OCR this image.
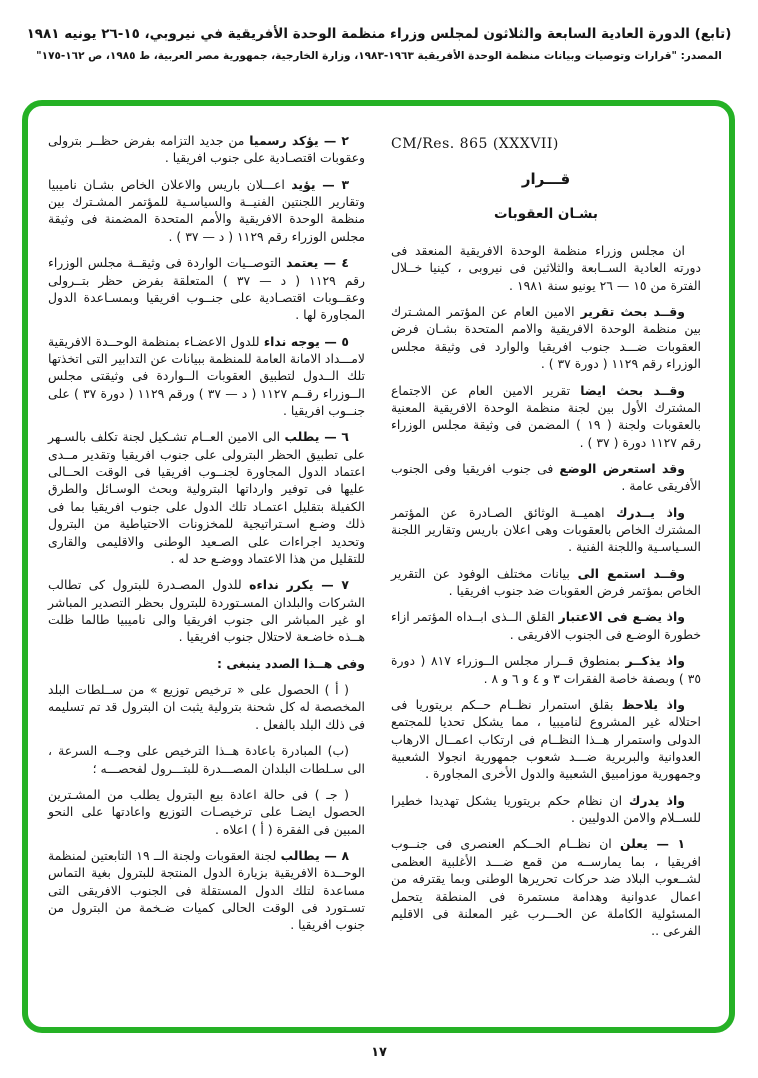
(تابع) الدورة العادية السابعة والثلاثون لمجلس وزراء منظمة الوحدة الأفريقية في نيروبي، ١٥-٢٦ يونيه ١٩٨١
المصدر: "قرارات وتوصيات وبيانات منظمة الوحدة الأفريقية ١٩٦٣-١٩٨٣، وزارة الخارجية، جمهورية مصر العربية، ط ١٩٨٥، ص ١٦٢-١٧٥"
CM/Res. 865 (XXXVII)
قـــرار
بشـان العقوبات

ان مجلس وزراء منظمة الوحدة الافريقية المنعقد فى دورته العادية الســابعة والثلاثين فى نيروبى ، كينيا خــلال الفترة من ١٥ — ٢٦ يونيو سنة ١٩٨١ .

وقــد بحث تقرير الامين العام عن المؤتمر المشـترك بين منظمة الوحدة الافريقية والامم المتحدة بشـان فرض العقوبات ضـــد جنوب افريقيا والوارد فى وثيقة مجلس الوزراء رقم ١١٢٩ ( دورة ٣٧ ) .

وقــد بحث ايضا تقرير الامين العام عن الاجتماع المشترك الأول بين لجنة منظمة الوحدة الافريقية المعنية بالعقوبات ولجنة ( ١٩ ) المضمن فى وثيقة مجلس الوزراء رقم ١١٢٧ دورة ( ٣٧ ) .

وقد استعرض الوضع فى جنوب افريقيا وفى الجنوب الأفريقى عامة .

واذ يــدرك اهميــة الوثائق الصـادرة عن المؤتمر المشترك الخاص بالعقوبات وهى اعلان باريس وتقارير اللجنة السـياسـية واللجنة الفنية .

وقــد استمع الى بيانات مختلف الوفود عن التقرير الخاص بمؤتمر فرض العقوبات ضد جنوب افريقيا .

واذ يضـع فى الاعتبار القلق الــذى ابــداه المؤتمر ازاء خطورة الوضـع فى الجنوب الافريقى .

واذ يذكــر بمنطوق قــرار مجلس الــوزراء ٨١٧ ( دورة ٣٥ ) وبصفة خاصة الفقرات ٣ و ٤ و ٦ و ٨ .

واذ يلاحظ بقلق استمرار نظــام حــكم بريتوريا فى احتلاله غير المشروع لناميبيا ، مما يشكل تحديا للمجتمع الدولى واستمرار هــذا النظــام فى ارتكاب اعمــال الارهاب العدوانية والبربرية ضـــد شعوب جمهورية انجولا الشعبية وجمهورية موزامبيق الشعبية والدول الأخرى المجاورة .

واذ يدرك ان نظام حكم بريتوريا يشكل تهديدا خطيرا للســلام والامن الدوليين .

١ — يعلن ان نظــام الحــكم العنصرى فى جنــوب افريقيا ، بما يمارســه من قمع ضـــد الأغلبية العظمى لشــعوب البلاد ضد حركات تحريرها الوطنى وبما يقترفه من اعمال عدوانية وهدامة مستمرة فى المنطقة يتحمل المسئولية الكاملة عن الحـــرب غير المعلنة فى الاقليم الفرعى ..

٢ — يؤكد رسميا من جديد التزامه بفرض حظــر بترولى وعقوبات اقتصـادية على جنوب افريقيا .

٣ — يؤيد اعـــلان باريس والاعلان الخاص بشـان ناميبيا وتقارير اللجنتين الفنيــة والسياسـية للمؤتمر المشـترك بين منظمة الوحدة الافريقية والأمم المتحدة المضمنة فى وثيقة مجلس الوزراء رقم ١١٢٩ ( د — ٣٧ ) .

٤ — يعتمد التوصــيات الواردة فى وثيقــة مجلس الوزراء رقم ١١٢٩ ( د — ٣٧ ) المتعلقة بفرض حظر بتــرولى وعقــوبات اقتصـادية على جنــوب افريقيا وبمسـاعدة الدول المجاورة لها .

٥ — يوجه نداء للدول الاعضـاء بمنظمة الوحــدة الافريقية لامـــداد الامانة العامة للمنظمة ببيانات عن التدابير التى اتخذتها تلك الــدول لتطبيق العقوبات الــواردة فى وثيقتى مجلس الــوزراء رقــم ١١٢٧ ( د — ٣٧ ) ورقم ١١٢٩ ( دورة ٣٧ ) على جنــوب افريقيا .

٦ — يطلب الى الامين العــام تشـكيل لجنة تكلف بالسـهر على تطبيق الحظر البترولى على جنوب افريقيا وتقدير مــدى اعتماد الدول المجاورة لجنــوب افريقيا فى الوقت الحــالى عليها فى توفير وارداتها البترولية وبحث الوسـائل والطرق الكفيلة بتقليل اعتمـاد تلك الدول على جنوب افريقيا بما فى ذلك وضـع اسـتراتيجية للمخزونات الاحتياطية من البترول وتحديد اجراءات على الصـعيد الوطنى والاقليمى والقارى للتقليل من هذا الاعتماد ووضـع حد له .

٧ — يكرر نداءه للدول المصـدرة للبترول كى تطالب الشركات والبلدان المسـتوردة للبترول بحظر التصدير المباشر او غير المباشر الى جنوب افريقيا والى ناميبيا طالما ظلت هــذه خاضـعة لاحتلال جنوب افريقيا .

وفى هــذا الصدد ينبغى :

( أ ) الحصول على « ترخيص توزيع » من ســلطات البلد المخصصة له كل شحنة بترولية يثبت ان البترول قد تم تسليمه فى ذلك البلد بالفعل .

(ب) المبادرة باعادة هــذا الترخيص على وجــه السرعة ، الى سـلطات البلدان المصـــدرة للبتـــرول لفحصـــه ؛

( جـ ) فى حالة اعادة بيع البترول يطلب من المشـترين الحصول ايضـا على ترخيصـات التوزيع واعادتها على النحو المبين فى الفقرة ( أ ) اعلاه .

٨ — يطالب لجنة العقوبات ولجنة الــ ١٩ التابعتين لمنظمة الوحــدة الافريقية بزيارة الدول المنتجة للبترول بغية التماس مساعدة لتلك الدول المستقلة فى الجنوب الافريقى التى تسـتورد فى الوقت الحالى كميات ضـخمة من البترول من جنوب افريقيا .

١٧
